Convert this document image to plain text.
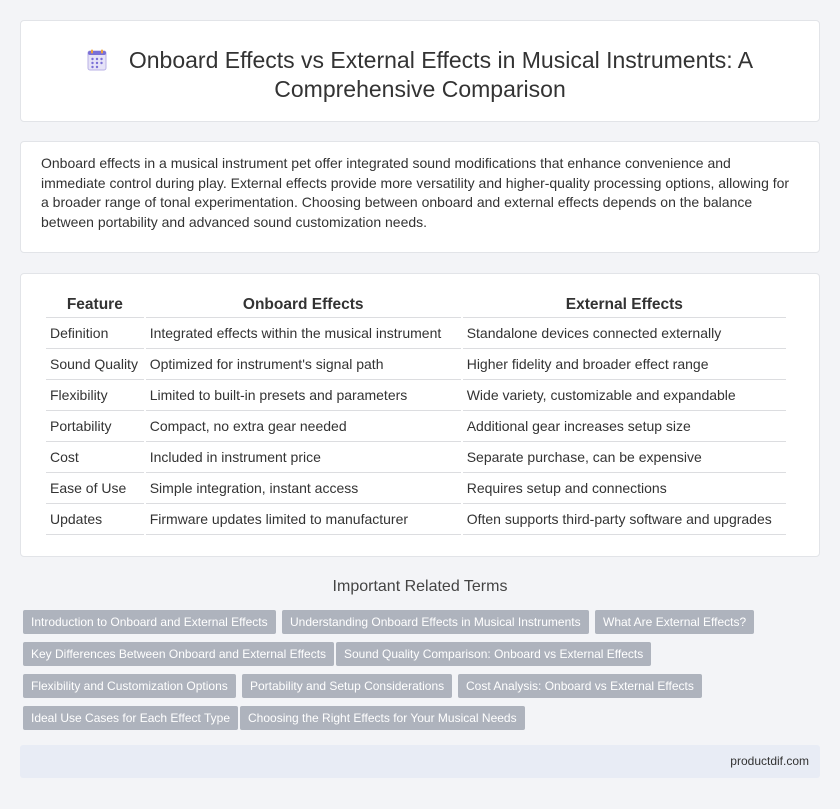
Onboard Effects vs External Effects in Musical Instruments: A Comprehensive Comparison

Onboard effects in a musical instrument pet offer integrated sound modifications that enhance convenience and immediate control during play. External effects provide more versatility and higher-quality processing options, allowing for a broader range of tonal experimentation. Choosing between onboard and external effects depends on the balance between portability and advanced sound customization needs.

Feature	Onboard Effects	External Effects
Definition	Integrated effects within the musical instrument	Standalone devices connected externally
Sound Quality	Optimized for instrument's signal path	Higher fidelity and broader effect range
Flexibility	Limited to built-in presets and parameters	Wide variety, customizable and expandable
Portability	Compact, no extra gear needed	Additional gear increases setup size
Cost	Included in instrument price	Separate purchase, can be expensive
Ease of Use	Simple integration, instant access	Requires setup and connections
Updates	Firmware updates limited to manufacturer	Often supports third-party software and upgrades
Important Related Terms
Introduction to Onboard and External Effects	Understanding Onboard Effects in Musical Instruments	What Are External Effects?
Key Differences Between Onboard and External Effects	Sound Quality Comparison: Onboard vs External Effects
Flexibility and Customization Options	Portability and Setup Considerations	Cost Analysis: Onboard vs External Effects
Ideal Use Cases for Each Effect Type	Choosing the Right Effects for Your Musical Needs
productdif.com
